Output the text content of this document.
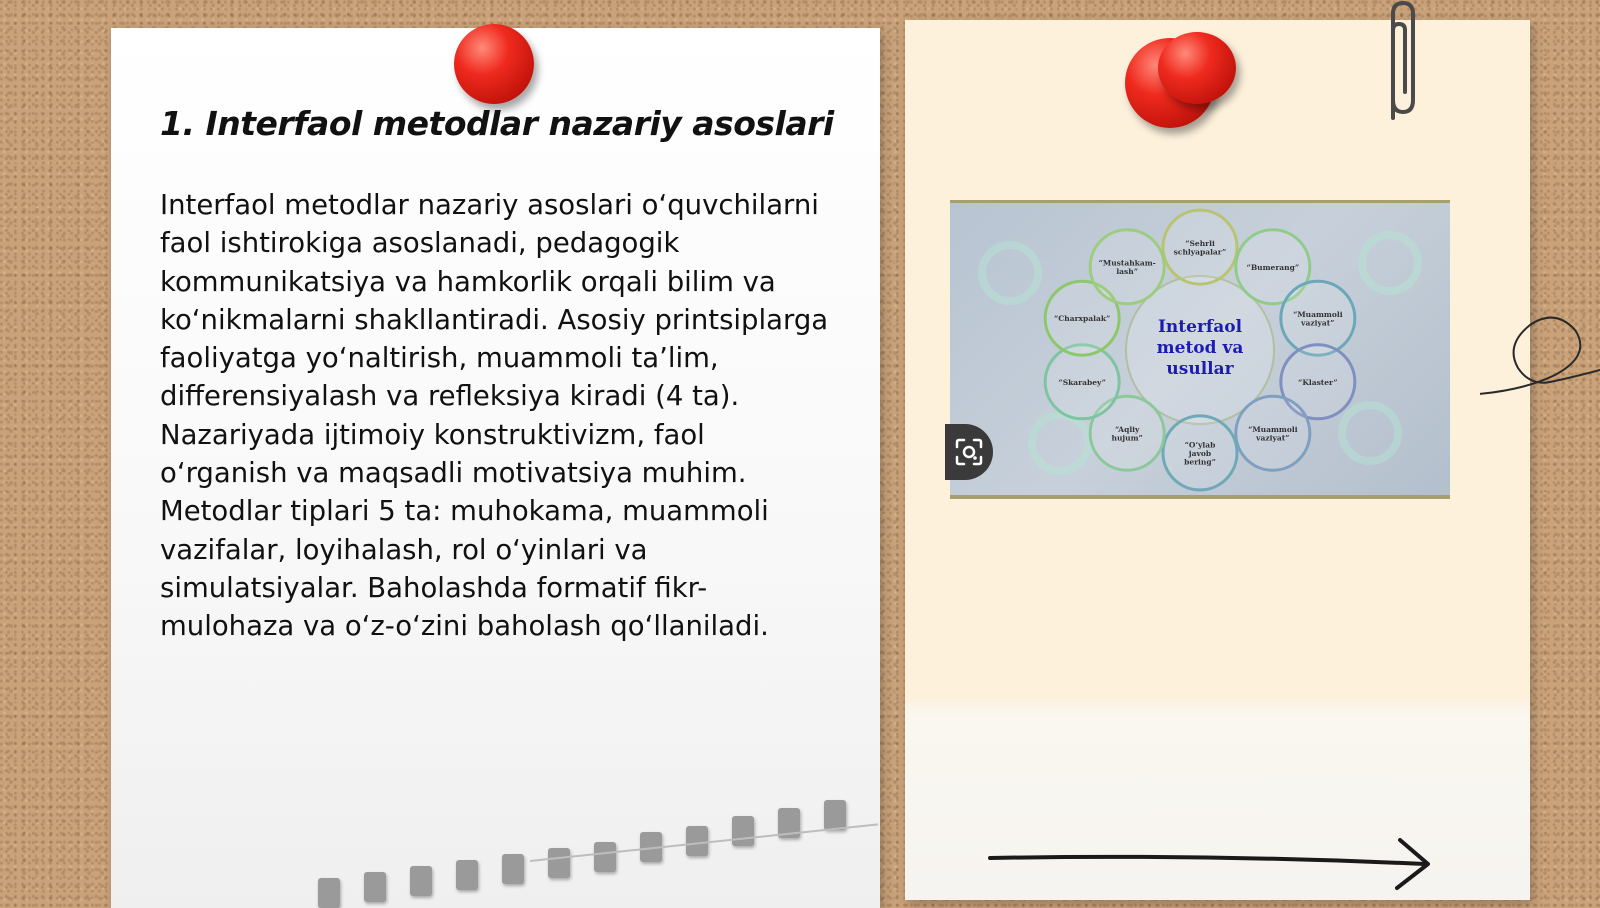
1. Interfaol metodlar nazariy asoslari

Interfaol metodlar nazariy asoslari o‘quvchilarni faol ishtirokiga asoslanadi, pedagogik kommunikatsiya va hamkorlik orqali bilim va ko‘nikmalarni shakllantiradi. Asosiy printsiplarga faoliyatga yo‘naltirish, muammoli ta’lim, differensiyalash va refleksiya kiradi (4 ta). Nazariyada ijtimoiy konstruktivizm, faol o‘rganish va maqsadli motivatsiya muhim. Metodlar tiplari 5 ta: muhokama, muammoli vazifalar, loyihalash, rol o‘yinlari va simulatsiyalar. Baholashda formatif fikr-mulohaza va o‘z-o‘zini baholash qo‘llaniladi.

“Sehrli
schlyapalar”
“Bumerang”
“Muammoli
vaziyat”
“Klaster”
“Muammoli
vaziyat”
“O‘ylab
javob
bering”
“Aqliy
hujum”
“Skarabey”
“Charxpalak”
“Mustahkam-
lash”
Interfaol
metod va
usullar
